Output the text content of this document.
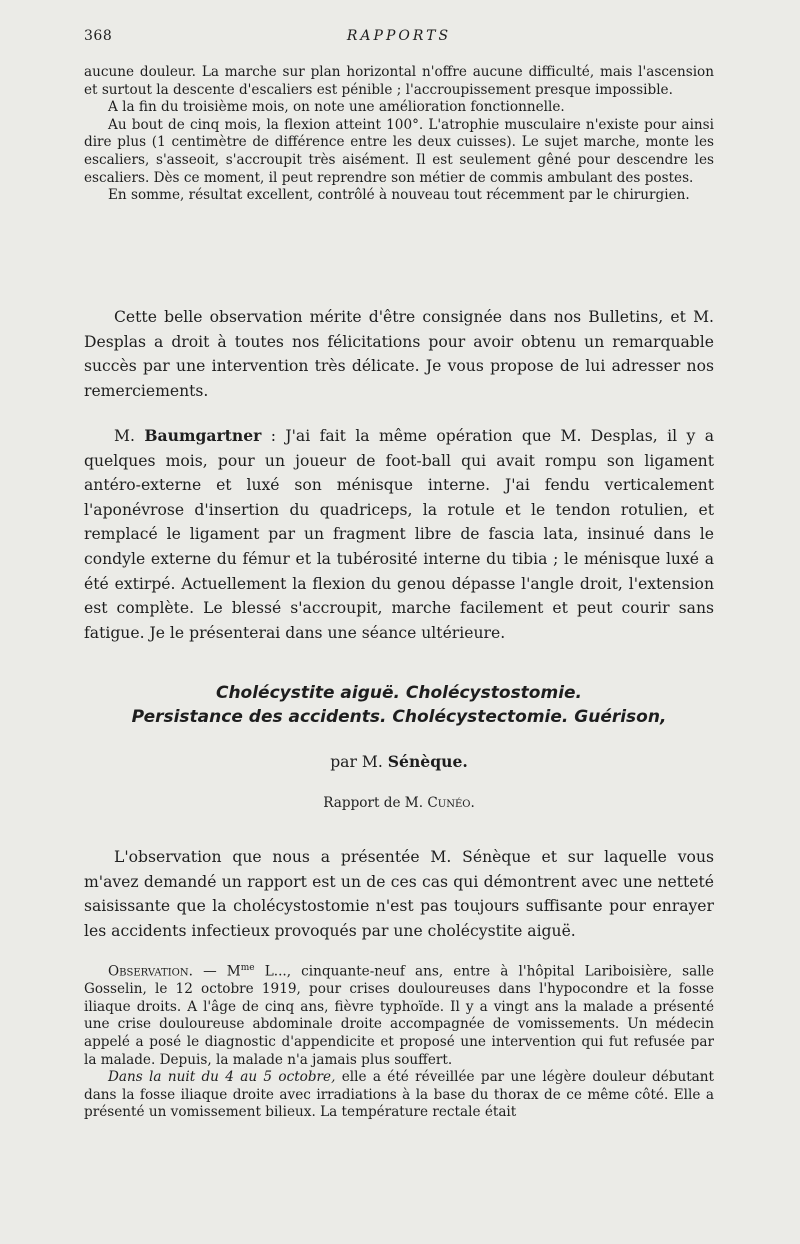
368	RAPPORTS

aucune douleur. La marche sur plan horizontal n'offre aucune difficulté, mais l'ascension et surtout la descente d'escaliers est pénible ; l'accroupissement presque impossible.

A la fin du troisième mois, on note une amélioration fonctionnelle.

Au bout de cinq mois, la flexion atteint 100°. L'atrophie musculaire n'existe pour ainsi dire plus (1 centimètre de différence entre les deux cuisses). Le sujet marche, monte les escaliers, s'asseoit, s'accroupit très aisément. Il est seulement gêné pour descendre les escaliers. Dès ce moment, il peut reprendre son métier de commis ambulant des postes.

En somme, résultat excellent, contrôlé à nouveau tout récemment par le chirurgien.

Cette belle observation mérite d'être consignée dans nos Bulletins, et M. Desplas a droit à toutes nos félicitations pour avoir obtenu un remarquable succès par une intervention très délicate. Je vous propose de lui adresser nos remerciements.

M. Baumgartner : J'ai fait la même opération que M. Desplas, il y a quelques mois, pour un joueur de foot-ball qui avait rompu son ligament antéro-externe et luxé son ménisque interne. J'ai fendu verticalement l'aponévrose d'insertion du quadriceps, la rotule et le tendon rotulien, et remplacé le ligament par un fragment libre de fascia lata, insinué dans le condyle externe du fémur et la tubérosité interne du tibia ; le ménisque luxé a été extirpé. Actuellement la flexion du genou dépasse l'angle droit, l'extension est complète. Le blessé s'accroupit, marche facilement et peut courir sans fatigue. Je le présenterai dans une séance ultérieure.

Cholécystite aiguë. Cholécystostomie.
Persistance des accidents. Cholécystectomie. Guérison,
par M. Sénèque.
Rapport de M. Cunéo.

L'observation que nous a présentée M. Sénèque et sur laquelle vous m'avez demandé un rapport est un de ces cas qui démontrent avec une netteté saisissante que la cholécystostomie n'est pas toujours suffisante pour enrayer les accidents infectieux provoqués par une cholécystite aiguë.

Observation. — $M^{me}$ L..., cinquante-neuf ans, entre à l'hôpital Lariboisière, salle Gosselin, le 12 octobre 1919, pour crises douloureuses dans l'hypocondre et la fosse iliaque droits. A l'âge de cinq ans, fièvre typhoïde. Il y a vingt ans la malade a présenté une crise douloureuse abdominale droite accompagnée de vomissements. Un médecin appelé a posé le diagnostic d'appendicite et proposé une intervention qui fut refusée par la malade. Depuis, la malade n'a jamais plus souffert.

Dans la nuit du 4 au 5 octobre, elle a été réveillée par une légère douleur débutant dans la fosse iliaque droite avec irradiations à la base du thorax de ce même côté. Elle a présenté un vomissement bilieux. La température rectale était
